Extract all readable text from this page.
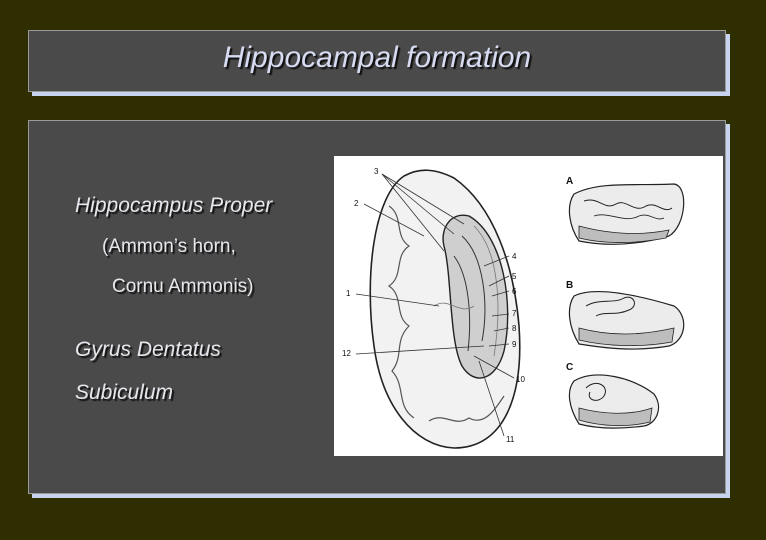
Hippocampal formation
Hippocampus Proper
(Ammon’s horn,
Cornu Ammonis)
Gyrus Dentatus
Subiculum
3
2
1
12
4
5
6
7
8
9
10
11
A
B
C
